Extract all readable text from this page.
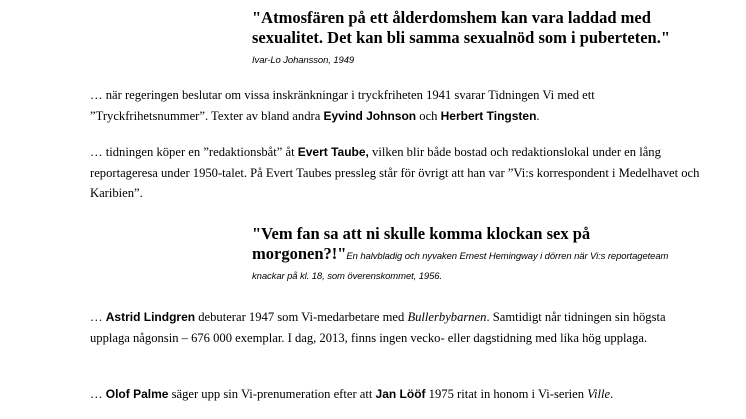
"Atmosfären på ett ålderdomshem kan vara laddad med sexualitet. Det kan bli samma sexualnöd som i puberteten." Ivar-Lo Johansson, 1949
… när regeringen beslutar om vissa inskränkningar i tryckfriheten 1941 svarar Tidningen Vi med ett ”Tryckfrihetsnummer”. Texter av bland andra Eyvind Johnson och Herbert Tingsten.
… tidningen köper en ”redaktionsbåt” åt Evert Taube, vilken blir både bostad och redaktionslokal under en lång reportageresa under 1950-talet. På Evert Taubes pressleg står för övrigt att han var ”Vi:s korrespondent i Medelhavet och Karibien”.
"Vem fan sa att ni skulle komma klockan sex på morgonen?!"En halvbladig och nyvaken Ernest Hemingway i dörren när Vi:s reportageteam knackar på kl. 18, som överenskommet, 1956.
… Astrid Lindgren debuterar 1947 som Vi-medarbetare med Bullerbybarnen. Samtidigt når tidningen sin högsta upplaga någonsin – 676 000 exemplar. I dag, 2013, finns ingen vecko- eller dagstidning med lika hög upplaga.
… Olof Palme säger upp sin Vi-prenumeration efter att Jan Lööf 1975 ritat in honom i Vi-serien Ville.
